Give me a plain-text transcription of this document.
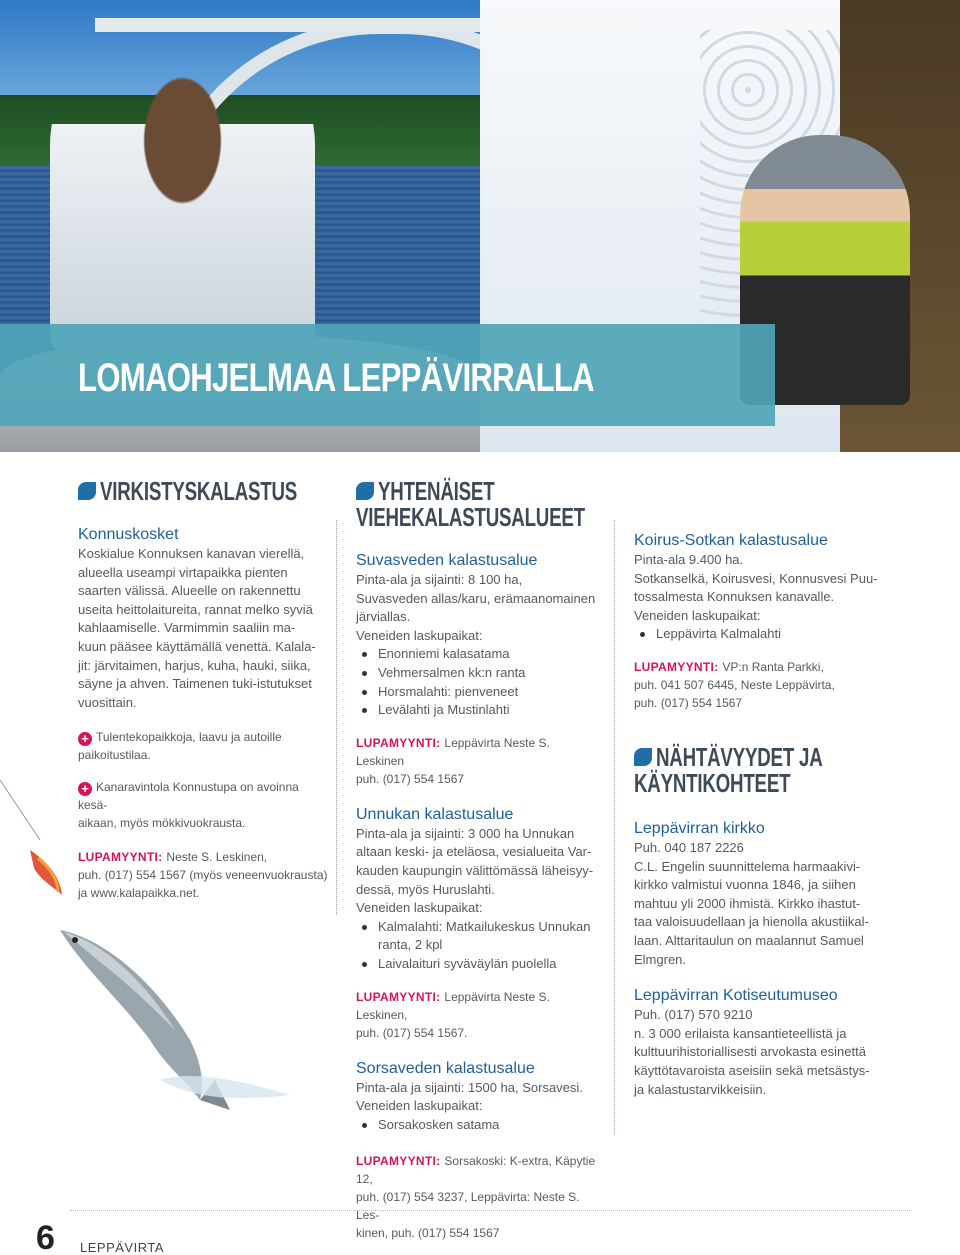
LOMAOHJELMAA LEPPÄVIRRALLA
VIRKISTYSKALASTUS
Konnuskosket
Koskialue Konnuksen kanavan vierellä,
alueella useampi virtapaikka pienten
saarten välissä. Alueelle on rakennettu
useita heittolaitureita, rannat melko syviä
kahlaamiselle. Varmimmin saaliin ma-
kuun pääsee käyttämällä venettä. Kalala-
jit: järvitaimen, harjus, kuha, hauki, siika,
säyne ja ahven. Taimenen tuki-istutukset
vuosittain.
+ Tulentekopaikkoja, laavu ja autoille
paikoitustilaa.
+ Kanaravintola Konnustupa on avoinna kesä-
aikaan, myös mökkivuokrausta.
LUPAMYYNTI: Neste S. Leskinen,
puh. (017) 554 1567 (myös veneenvuokrausta)
ja www.kalapaikka.net.
YHTENÄISET
VIEHEKALASTUSALUEET
Suvasveden kalastusalue
Pinta-ala ja sijainti: 8 100 ha,
Suvasveden allas/karu, erämaanomainen
järviallas.
Veneiden laskupaikat:
Enonniemi kalasatama
Vehmersalmen kk:n ranta
Horsmalahti: pienveneet
Levälahti ja Mustinlahti
LUPAMYYNTI: Leppävirta Neste S. Leskinen
puh. (017) 554 1567
Unnukan kalastusalue
Pinta-ala ja sijainti: 3 000 ha Unnukan
altaan keski- ja eteläosa, vesialueita Var-
kauden kaupungin välittömässä läheisyy-
dessä, myös Huruslahti.
Veneiden laskupaikat:
Kalmalahti: Matkailukeskus Unnukan
ranta, 2 kpl
Laivalaituri syväväylän puolella
LUPAMYYNTI: Leppävirta Neste S. Leskinen,
puh. (017) 554 1567.
Sorsaveden kalastusalue
Pinta-ala ja sijainti: 1500 ha, Sorsavesi.
Veneiden laskupaikat:
Sorsakosken satama
LUPAMYYNTI: Sorsakoski: K-extra, Käpytie 12,
puh. (017) 554 3237, Leppävirta: Neste S. Les-
kinen, puh. (017) 554 1567
Koirus-Sotkan kalastusalue
Pinta-ala 9.400 ha.
Sotkanselkä, Koirusvesi, Konnusvesi Puu-
tossalmesta Konnuksen kanavalle.
Veneiden laskupaikat:
Leppävirta Kalmalahti
LUPAMYYNTI: VP:n Ranta Parkki,
puh. 041 507 6445, Neste Leppävirta,
puh. (017) 554 1567
NÄHTÄVYYDET JA
KÄYNTIKOHTEET
Leppävirran kirkko
Puh. 040 187 2226
C.L. Engelin suunnittelema harmaakivi-
kirkko valmistui vuonna 1846, ja siihen
mahtuu yli 2000 ihmistä. Kirkko ihastut-
taa valoisuudellaan ja hienolla akustiikal-
laan. Alttaritaulun on maalannut Samuel
Elmgren.
Leppävirran Kotiseutumuseo
Puh. (017) 570 9210
n. 3 000 erilaista kansantieteellistä ja
kulttuurihistoriallisesti arvokasta esinettä
käyttötavaroista aseisiin sekä metsästys-
ja kalastustarvikkeisiin.
6 LEPPÄVIRTA
